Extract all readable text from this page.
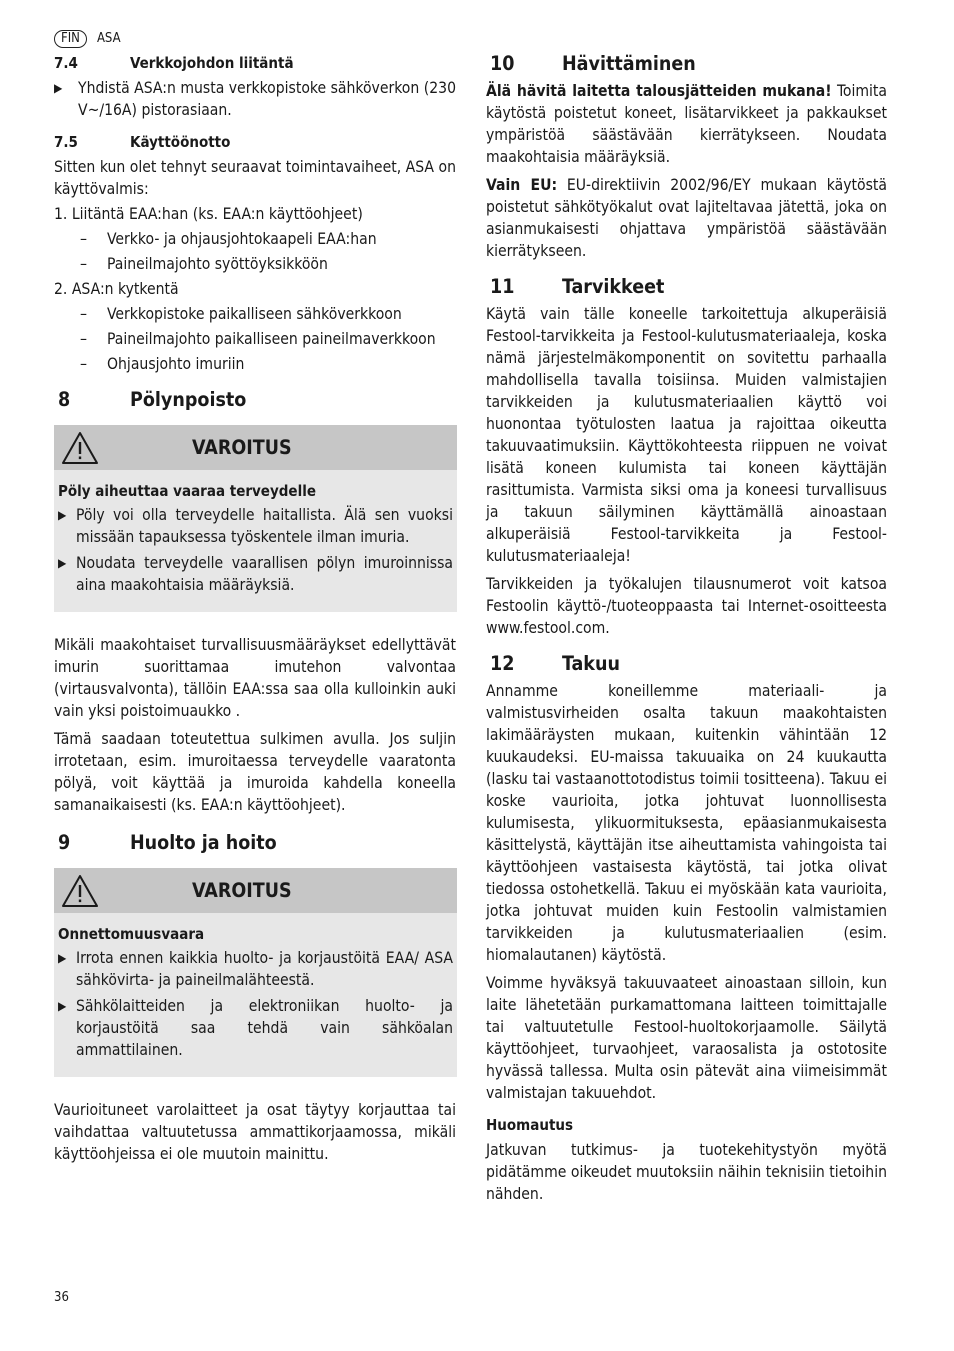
FIN ASA
7.4	Verkkojohdon liitäntä
▶	Yhdistä ASA:n musta verkkopistoke sähköverkon (230 V~/16A) pistorasiaan.
7.5	Käyttöönotto

Sitten kun olet tehnyt seuraavat toimintavaiheet, ASA on käyttövalmis:

1. Liitäntä EAA:han (ks. EAA:n käyttöohjeet)
–	Verkko- ja ohjausjohtokaapeli EAA:han
–	Paineilmajohto syöttöyksikköön
2. ASA:n kytkentä
–	Verkkopistoke paikalliseen sähköverkkoon
–	Paineilmajohto paikalliseen paineilmaverkkoon
–	Ohjausjohto imuriin
8	Pölynpoisto
VAROITUS
Pöly aiheuttaa vaaraa terveydelle
▶ Pöly voi olla terveydelle haitallista. Älä sen vuoksi missään tapauksessa työskentele ilman imuria.
▶ Noudata terveydelle vaarallisen pölyn imuroinnissa aina maakohtaisia määräyksiä.

Mikäli maakohtaiset turvallisuusmääräykset edellyttävät imurin suorittamaa imutehon valvontaa (virtausvalvonta), tällöin EAA:ssa saa olla kulloinkin auki vain yksi poistoimuaukko .

Tämä saadaan toteutettua sulkimen avulla. Jos suljin irrotetaan, esim. imuroitaessa terveydelle vaaratonta pölyä, voit käyttää ja imuroida kahdella koneella samanaikaisesti (ks. EAA:n käyttöohjeet).

9	Huolto ja hoito
VAROITUS
Onnettomuusvaara
▶ Irrota ennen kaikkia huolto- ja korjaustöitä EAA/ ASA sähkövirta- ja paineilmalähteestä.
▶ Sähkölaitteiden ja elektroniikan huolto- ja korjaustöitä saa tehdä vain sähköalan ammattilainen.

Vaurioituneet varolaitteet ja osat täytyy korjauttaa tai vaihdattaa valtuutetussa ammattikorjaamossa, mikäli käyttöohjeissa ei ole muutoin mainittu.

10	Hävittäminen

Älä hävitä laitetta talousjätteiden mukana! Toimita käytöstä poistetut koneet, lisätarvikkeet ja pakkaukset ympäristöä säästävään kierrätykseen. Noudata maakohtaisia määräyksiä.

Vain EU: EU-direktiivin 2002/96/EY mukaan käytöstä poistetut sähkötyökalut ovat lajiteltavaa jätettä, joka on asianmukaisesti ohjattava ympäristöä säästävään kierrätykseen.

11	Tarvikkeet

Käytä vain tälle koneelle tarkoitettuja alkuperäisiä Festool-tarvikkeita ja Festool-kulutusmateriaaleja, koska nämä järjestelmäkomponentit on sovitettu parhaalla mahdollisella tavalla toisiinsa. Muiden valmistajien tarvikkeiden ja kulutusmateriaalien käyttö voi huonontaa työtulosten laatua ja rajoittaa oikeutta takuuvaatimuksiin. Käyttökohteesta riippuen ne voivat lisätä koneen kulumista tai koneen käyttäjän rasittumista. Varmista siksi oma ja koneesi turvallisuus ja takuun säilyminen käyttämällä ainoastaan alkuperäisiä Festool-tarvikkeita ja Festool-kulutusmateriaaleja!

Tarvikkeiden ja työkalujen tilausnumerot voit katsoa Festoolin käyttö-/tuoteoppaasta tai Internet-osoitteesta www.festool.com.

12	Takuu

Annamme koneillemme materiaali- ja valmistusvirheiden osalta takuun maakohtaisten lakimääräysten mukaan, kuitenkin vähintään 12 kuukaudeksi. EU-maissa takuuaika on 24 kuukautta (lasku tai vastaanottotodistus toimii tositteena). Takuu ei koske vaurioita, jotka johtuvat luonnollisesta kulumisesta, ylikuormituksesta, epäasianmukaisesta käsittelystä, käyttäjän itse aiheuttamista vahingoista tai käyttöohjeen vastaisesta käytöstä, tai jotka olivat tiedossa ostohetkellä. Takuu ei myöskään kata vaurioita, jotka johtuvat muiden kuin Festoolin valmistamien tarvikkeiden ja kulutusmateriaalien (esim. hiomalautanen) käytöstä.

Voimme hyväksyä takuuvaateet ainoastaan silloin, kun laite lähetetään purkamattomana laitteen toimittajalle tai valtuutetulle Festool-huoltokorjaamolle. Säilytä käyttöohjeet, turvaohjeet, varaosalista ja ostotosite hyvässä tallessa. Multa osin pätevät aina viimeisimmät valmistajan takuuehdot.

Huomautus

Jatkuvan tutkimus- ja tuotekehitystyön myötä pidätämme oikeudet muutoksiin näihin teknisiin tietoihin nähden.

36
